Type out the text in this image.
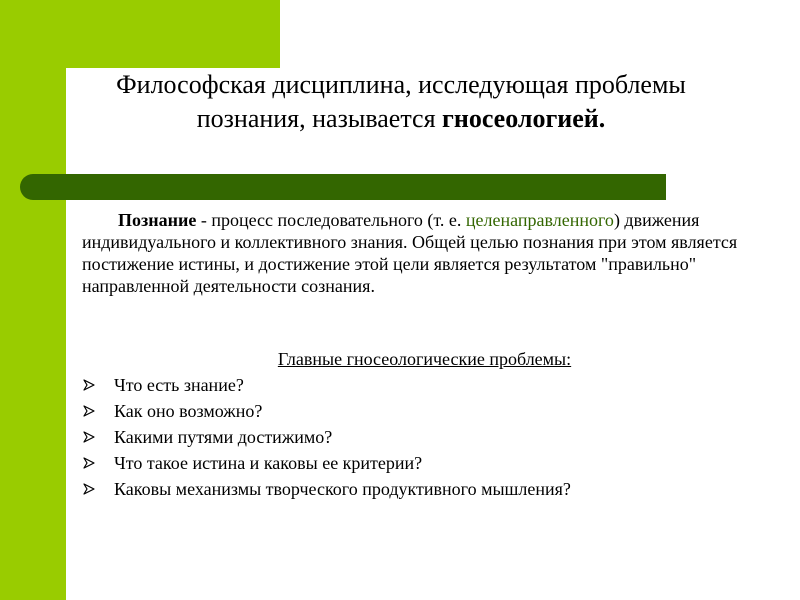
Философская дисциплина, исследующая проблемы познания, называется гносеологией.
Познание - процесс последовательного (т. е. целенаправленного) движения индивидуального и коллективного знания. Общей целью познания при этом является постижение истины, и достижение этой цели является результатом "правильно" направленной деятельности сознания.
Главные гносеологические проблемы:
Что есть знание?
Как оно возможно?
Какими путями достижимо?
Что такое истина и каковы ее критерии?
Каковы механизмы творческого продуктивного мышления?
